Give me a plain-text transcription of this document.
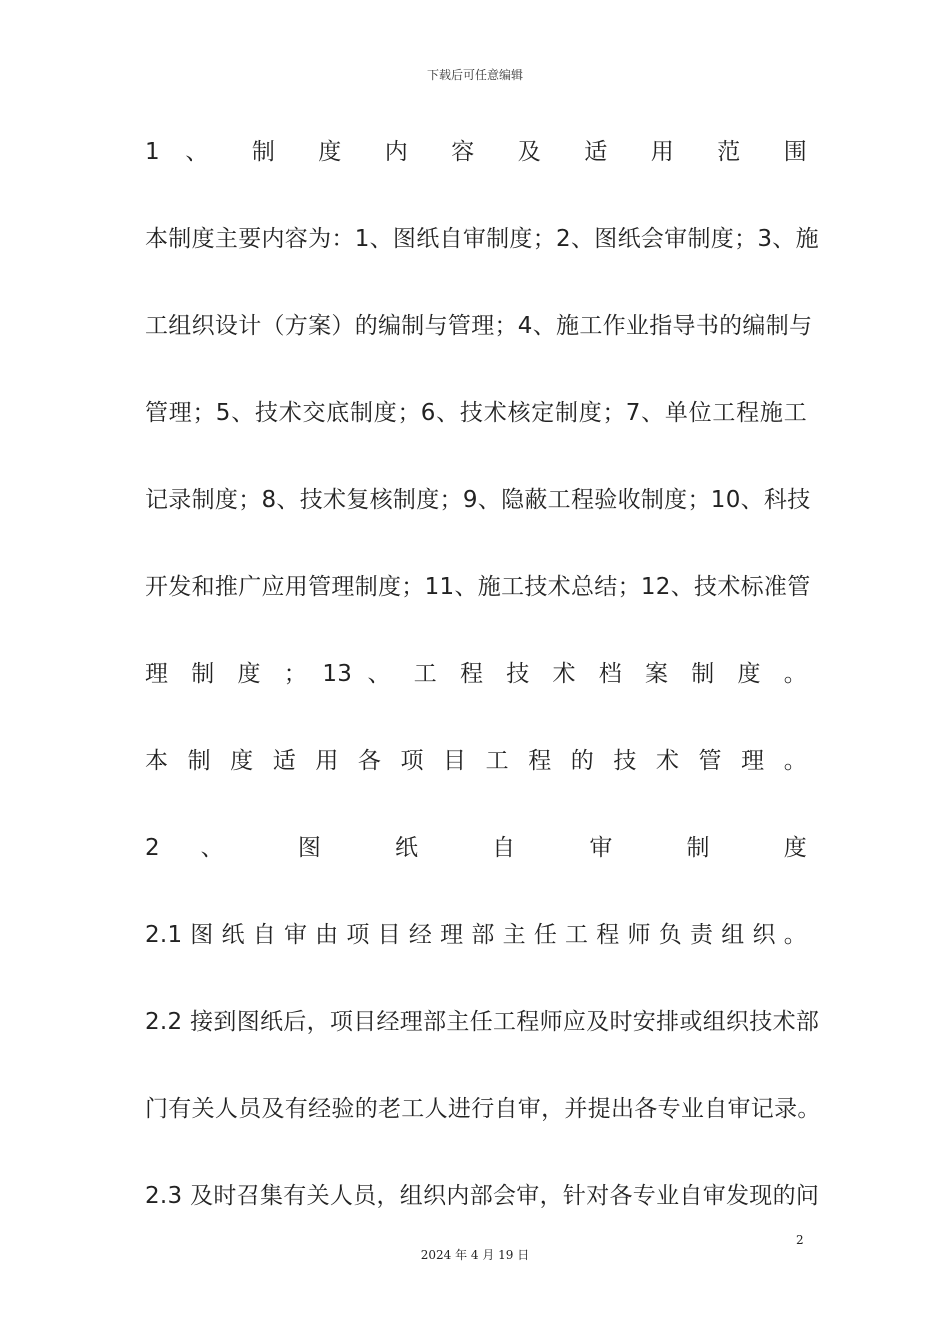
下载后可任意编辑
1 、 制 度 内 容 及 适 用 范 围
本制度主要内容为：1、图纸自审制度；2、图纸会审制度；3、施
工组织设计（方案）的编制与管理；4、施工作业指导书的编制与
管理；5、技术交底制度；6、技术核定制度；7、单位工程施工
记录制度；8、技术复核制度；9、隐蔽工程验收制度；10、科技
开发和推广应用管理制度；11、施工技术总结；12、技术标准管
理 制 度 ； 13 、 工 程 技 术 档 案 制 度 。
本 制 度 适 用 各 项 目 工 程 的 技 术 管 理 。
2 、 图 纸 自 审 制 度
2.1 图 纸 自 审 由 项 目 经 理 部 主 任 工 程 师 负 责 组 织 。
2.2 接到图纸后，项目经理部主任工程师应及时安排或组织技术部
门有关人员及有经验的老工人进行自审，并提出各专业自审记录。
2.3 及时召集有关人员，组织内部会审，针对各专业自审发现的问
2
2024 年 4 月 19 日
